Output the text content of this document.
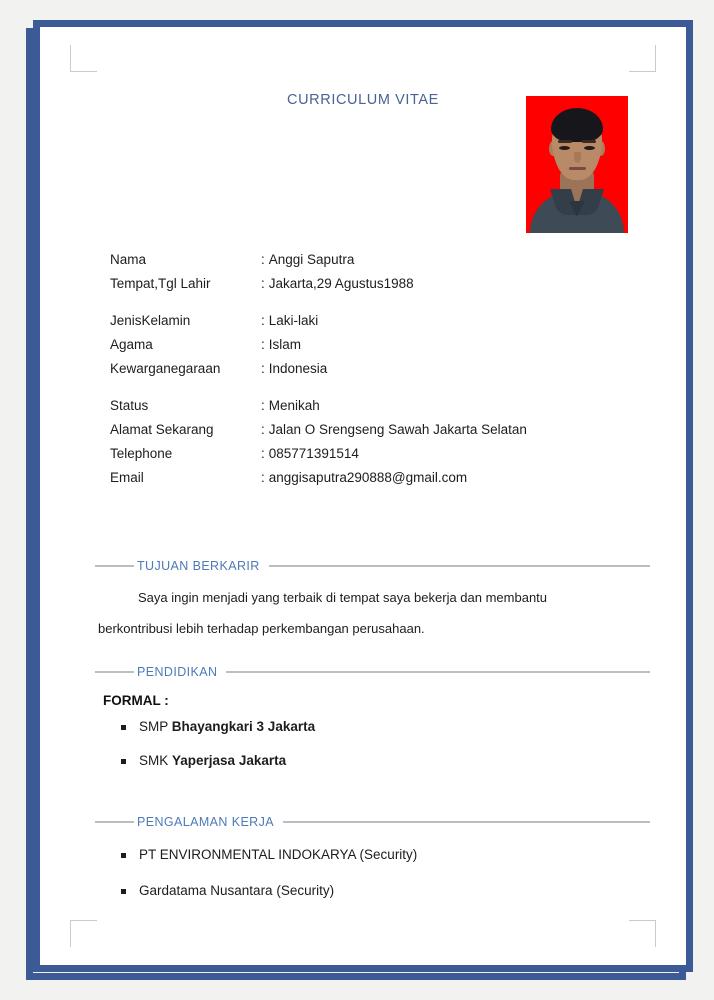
CURRICULUM VITAE
Nama	: Anggi Saputra
Tempat,Tgl Lahir	: Jakarta,29 Agustus1988
JenisKelamin	: Laki-laki
Agama	: Islam
Kewarganegaraan	: Indonesia
Status	: Menikah
Alamat Sekarang	: Jalan O Srengseng Sawah Jakarta Selatan
Telephone	: 085771391514
Email	: anggisaputra290888@gmail.com
TUJUAN BERKARIR
Saya ingin menjadi yang terbaik di tempat saya bekerja dan membantu
berkontribusi lebih terhadap perkembangan perusahaan.
PENDIDIKAN
FORMAL :
SMP Bhayangkari 3 Jakarta
SMK Yaperjasa Jakarta
PENGALAMAN KERJA
PT ENVIRONMENTAL INDOKARYA (Security)
Gardatama Nusantara (Security)
